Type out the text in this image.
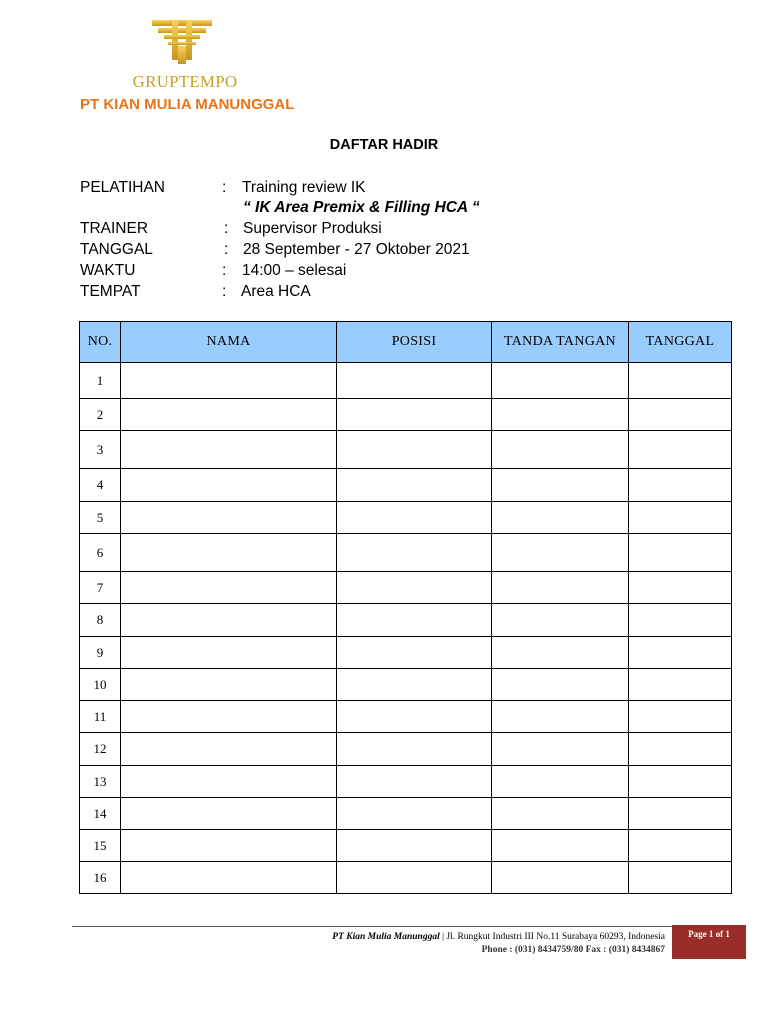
GRUPTEMPO
PT KIAN MULIA MANUNGGAL
DAFTAR HADIR
PELATIHAN	:	Training review IK
“ IK Area Premix & Filling HCA “
TRAINER	: Supervisor Produksi
TANGGAL	: 28 September - 27 Oktober 2021
WAKTU	:	14:00 – selesai
TEMPAT	: Area HCA
NO.	NAMA	POSISI	TANDA TANGAN	TANGGAL
1				
2				
3				
4				
5				
6				
7				
8				
9				
10				
11				
12				
13				
14				
15				
16				
PT Kian Mulia Manunggal | Jl. Rungkut Industri III No.11 Surabaya 60293, Indonesia
Phone : (031) 8434759/80 Fax : (031) 8434867
Page 1 of 1
